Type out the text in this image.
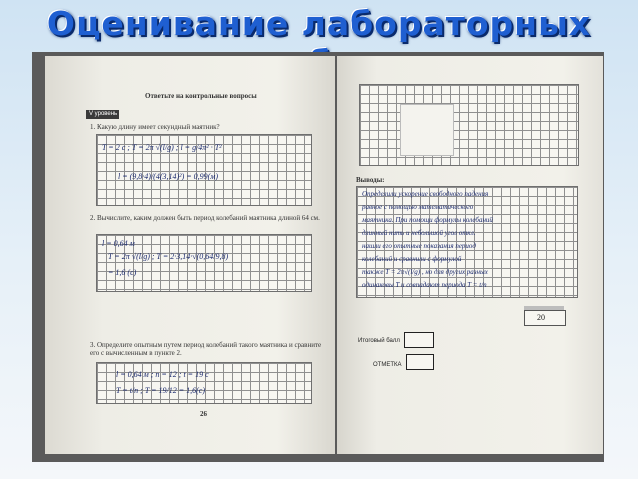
Оценивание лабораторных
Ответьте на контрольные вопросы
V уровень
1. Какую длину имеет секундный маятник?
T = 2 c ; T = 2π √(l/g) ; l = g/4π² · T²
l = (9,8·4)/(4(3,14)²) = 0,99(м)
2. Вычислите, каким должен быть период колебаний маятника длиной 64 см.
l = 0,64 м
T = 2π √(l/g) ; T = 2·3,14·√(0,64/9,8)
= 1,6 (c)
3. Определите опытным путем период колебаний такого маятника и сравните его с вычисленным в пункте 2.
l = 0,64 м ; n = 12 ; t = 19 c
T = t/n ; T = 19/12 = 1,6(c)
26
Выводы:
Определили ускорение свободного падения
равное с помощью математического
маятника. При помощи формулы колебаний
длинный нить и небольшой угол откл.
нашли его опытные показания период
колебаний и сравнили с формулой
также T = 2π√(l/g) , но для других разных
одинаковы T и совпадают периода T = t/n
20
Итоговый балл
ОТМЕТКА
